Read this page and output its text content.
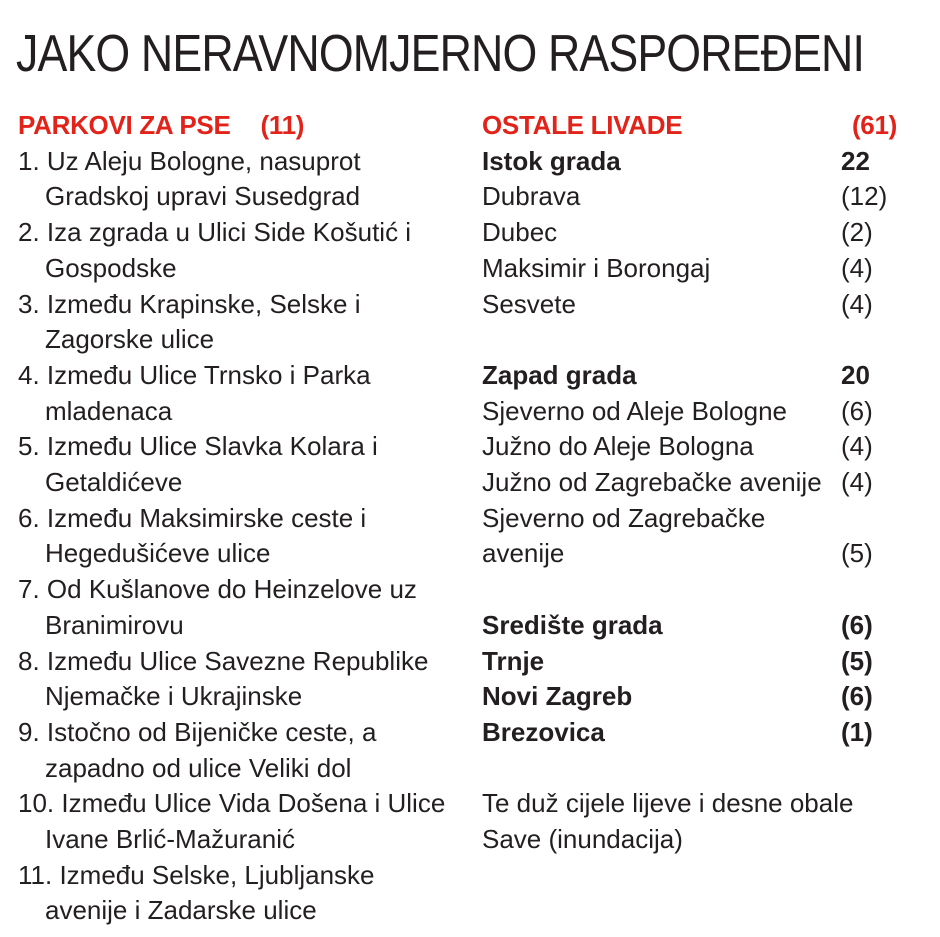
JAKO NERAVNOMJERNO RASPOREĐENI
PARKOVI ZA PSE (11)
1. Uz Aleju Bologne, nasuprot Gradskoj upravi Susedgrad
2. Iza zgrada u Ulici Side Košutić i Gospodske
3. Između Krapinske, Selske i Zagorske ulice
4. Između Ulice Trnsko i Parka mladenaca
5. Između Ulice Slavka Kolara i Getaldićeve
6. Između Maksimirske ceste i Hegedušićeve ulice
7. Od Kušlanove do Heinzelove uz Branimirovu
8. Između Ulice Savezne Republike Njemačke i Ukrajinske
9. Istočno od Bijeničke ceste, a zapadno od ulice Veliki dol
10. Između Ulice Vida Došena i Ulice Ivane Brlić-Mažuranić
11. Između Selske, Ljubljanske avenije i Zadarske ulice
OSTALE LIVADE	(61)
Istok grada	22
Dubrava	(12)
Dubec	(2)
Maksimir i Borongaj	(4)
Sesvete	(4)
Zapad grada	20
Sjeverno od Aleje Bologne (6)
Južno do Aleje Bologna	(4)
Južno od Zagrebačke avenije (4)
Sjeverno od Zagrebačke avenije	(5)
Središte grada	(6)
Trnje	(5)
Novi Zagreb	(6)
Brezovica	(1)
Te duž cijele lijeve i desne obale Save (inundacija)
